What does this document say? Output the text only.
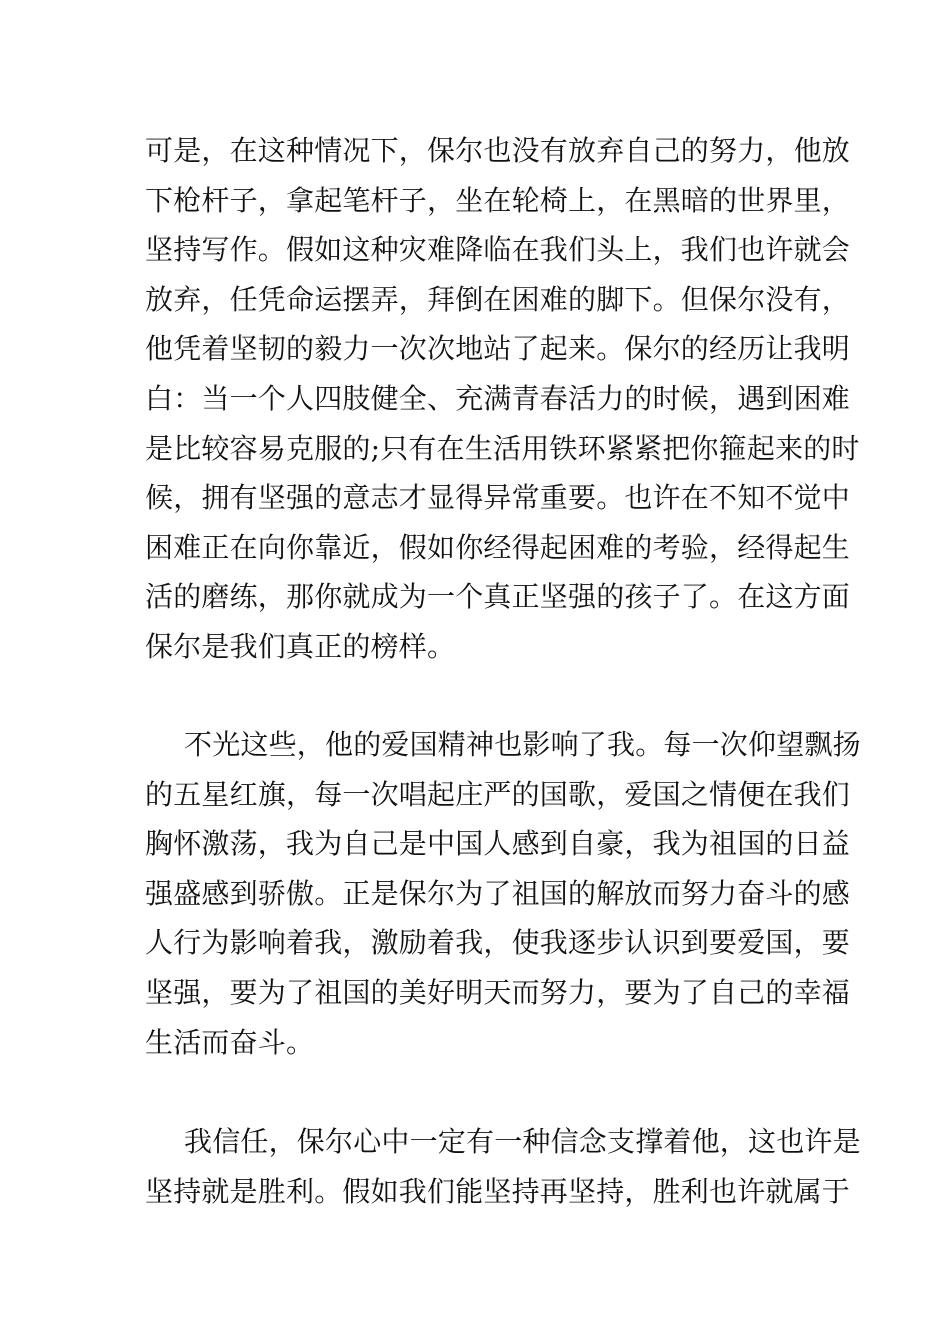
可是，在这种情况下，保尔也没有放弃自己的努力，他放
下枪杆子，拿起笔杆子，坐在轮椅上，在黑暗的世界里，
坚持写作。假如这种灾难降临在我们头上，我们也许就会
放弃，任凭命运摆弄，拜倒在困难的脚下。但保尔没有，
他凭着坚韧的毅力一次次地站了起来。保尔的经历让我明
白：当一个人四肢健全、充满青春活力的时候，遇到困难
是比较容易克服的;只有在生活用铁环紧紧把你箍起来的时
候，拥有坚强的意志才显得异常重要。也许在不知不觉中
困难正在向你靠近，假如你经得起困难的考验，经得起生
活的磨练，那你就成为一个真正坚强的孩子了。在这方面
保尔是我们真正的榜样。
不光这些，他的爱国精神也影响了我。每一次仰望飘扬
的五星红旗，每一次唱起庄严的国歌，爱国之情便在我们
胸怀激荡，我为自己是中国人感到自豪，我为祖国的日益
强盛感到骄傲。正是保尔为了祖国的解放而努力奋斗的感
人行为影响着我，激励着我，使我逐步认识到要爱国，要
坚强，要为了祖国的美好明天而努力，要为了自己的幸福
生活而奋斗。
我信任，保尔心中一定有一种信念支撑着他，这也许是
坚持就是胜利。假如我们能坚持再坚持，胜利也许就属于
